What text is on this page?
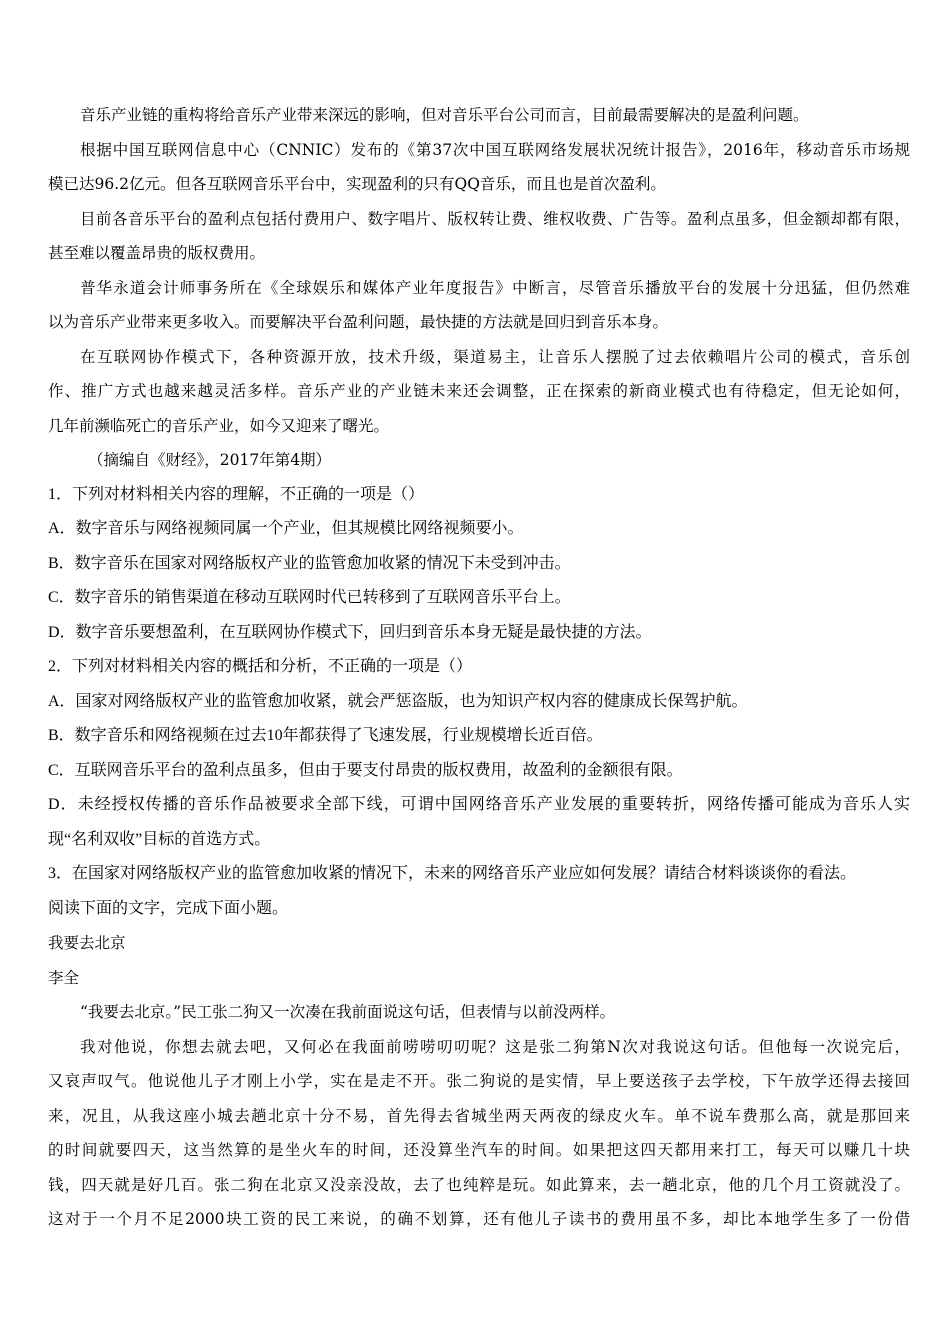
音乐产业链的重构将给音乐产业带来深远的影响，但对音乐平台公司而言，目前最需要解决的是盈利问题。
根据中国互联网信息中心（CNNIC）发布的《第37次中国互联网络发展状况统计报告》，2016年，移动音乐市场规
模已达96.2亿元。但各互联网音乐平台中，实现盈利的只有QQ音乐，而且也是首次盈利。
目前各音乐平台的盈利点包括付费用户、数字唱片、版权转让费、维权收费、广告等。盈利点虽多，但金额却都有限，
甚至难以覆盖昂贵的版权费用。
普华永道会计师事务所在《全球娱乐和媒体产业年度报告》中断言，尽管音乐播放平台的发展十分迅猛，但仍然难
以为音乐产业带来更多收入。而要解决平台盈利问题，最快捷的方法就是回归到音乐本身。
在互联网协作模式下，各种资源开放，技术升级，渠道易主，让音乐人摆脱了过去依赖唱片公司的模式，音乐创
作、推广方式也越来越灵活多样。音乐产业的产业链未来还会调整，正在探索的新商业模式也有待稳定，但无论如何，
几年前濒临死亡的音乐产业，如今又迎来了曙光。
（摘编自《财经》，2017年第4期）
1．下列对材料相关内容的理解，不正确的一项是（）
A．数字音乐与网络视频同属一个产业，但其规模比网络视频要小。
B．数字音乐在国家对网络版权产业的监管愈加收紧的情况下未受到冲击。
C．数字音乐的销售渠道在移动互联网时代已转移到了互联网音乐平台上。
D．数字音乐要想盈利，在互联网协作模式下，回归到音乐本身无疑是最快捷的方法。
2．下列对材料相关内容的概括和分析，不正确的一项是（）
A．国家对网络版权产业的监管愈加收紧，就会严惩盗版，也为知识产权内容的健康成长保驾护航。
B．数字音乐和网络视频在过去10年都获得了飞速发展，行业规模增长近百倍。
C．互联网音乐平台的盈利点虽多，但由于要支付昂贵的版权费用，故盈利的金额很有限。
D．未经授权传播的音乐作品被要求全部下线，可谓中国网络音乐产业发展的重要转折，网络传播可能成为音乐人实
现“名利双收”目标的首选方式。
3．在国家对网络版权产业的监管愈加收紧的情况下，未来的网络音乐产业应如何发展？请结合材料谈谈你的看法。
阅读下面的文字，完成下面小题。
我要去北京
李全
“我要去北京。”民工张二狗又一次凑在我前面说这句话，但表情与以前没两样。
我对他说，你想去就去吧，又何必在我面前唠唠叨叨呢？这是张二狗第N次对我说这句话。但他每一次说完后，
又哀声叹气。他说他儿子才刚上小学，实在是走不开。张二狗说的是实情，早上要送孩子去学校，下午放学还得去接回
来，况且，从我这座小城去趟北京十分不易，首先得去省城坐两天两夜的绿皮火车。单不说车费那么高，就是那回来
的时间就要四天，这当然算的是坐火车的时间，还没算坐汽车的时间。如果把这四天都用来打工，每天可以赚几十块
钱，四天就是好几百。张二狗在北京又没亲没故，去了也纯粹是玩。如此算来，去一趟北京，他的几个月工资就没了。
这对于一个月不足2000块工资的民工来说，的确不划算，还有他儿子读书的费用虽不多，却比本地学生多了一份借
